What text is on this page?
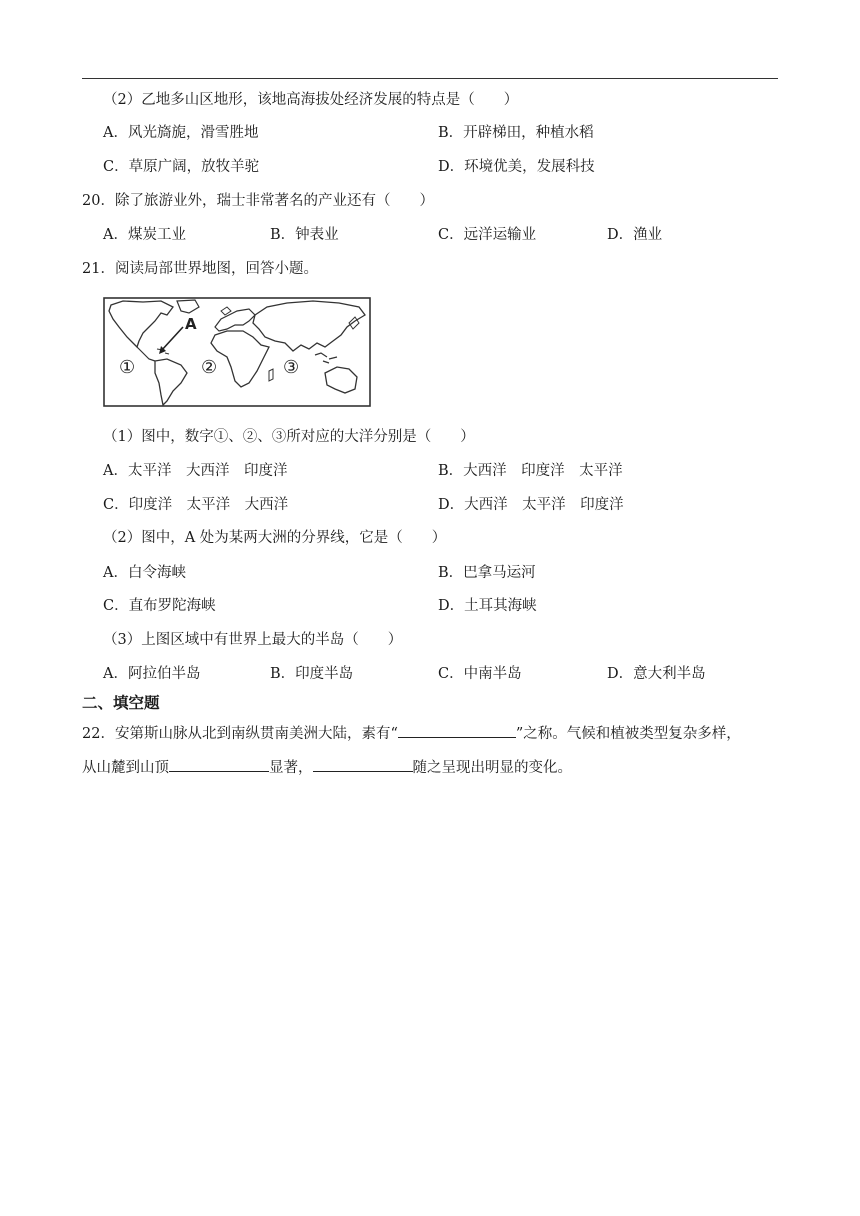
（2）乙地多山区地形，该地高海拔处经济发展的特点是（　　）
A．风光旖旎，滑雪胜地	B．开辟梯田，种植水稻
C．草原广阔，放牧羊驼	D．环境优美，发展科技
20．除了旅游业外，瑞士非常著名的产业还有（　　）
A．煤炭工业	B．钟表业	C．远洋运输业	D．渔业
21．阅读局部世界地图，回答小题。
A
①	②	③
（1）图中，数字①、②、③所对应的大洋分别是（　　）
A．太平洋　大西洋　印度洋	B．大西洋　印度洋　太平洋
C．印度洋　太平洋　大西洋	D．大西洋　太平洋　印度洋
（2）图中，A 处为某两大洲的分界线，它是（　　）
A．白令海峡	B．巴拿马运河
C．直布罗陀海峡	D．土耳其海峡
（3）上图区域中有世界上最大的半岛（　　）
A．阿拉伯半岛	B．印度半岛	C．中南半岛	D．意大利半岛
二、填空题
22．安第斯山脉从北到南纵贯南美洲大陆，素有“	”之称。气候和植被类型复杂多样，
从山麓到山顶	显著，	随之呈现出明显的变化。
